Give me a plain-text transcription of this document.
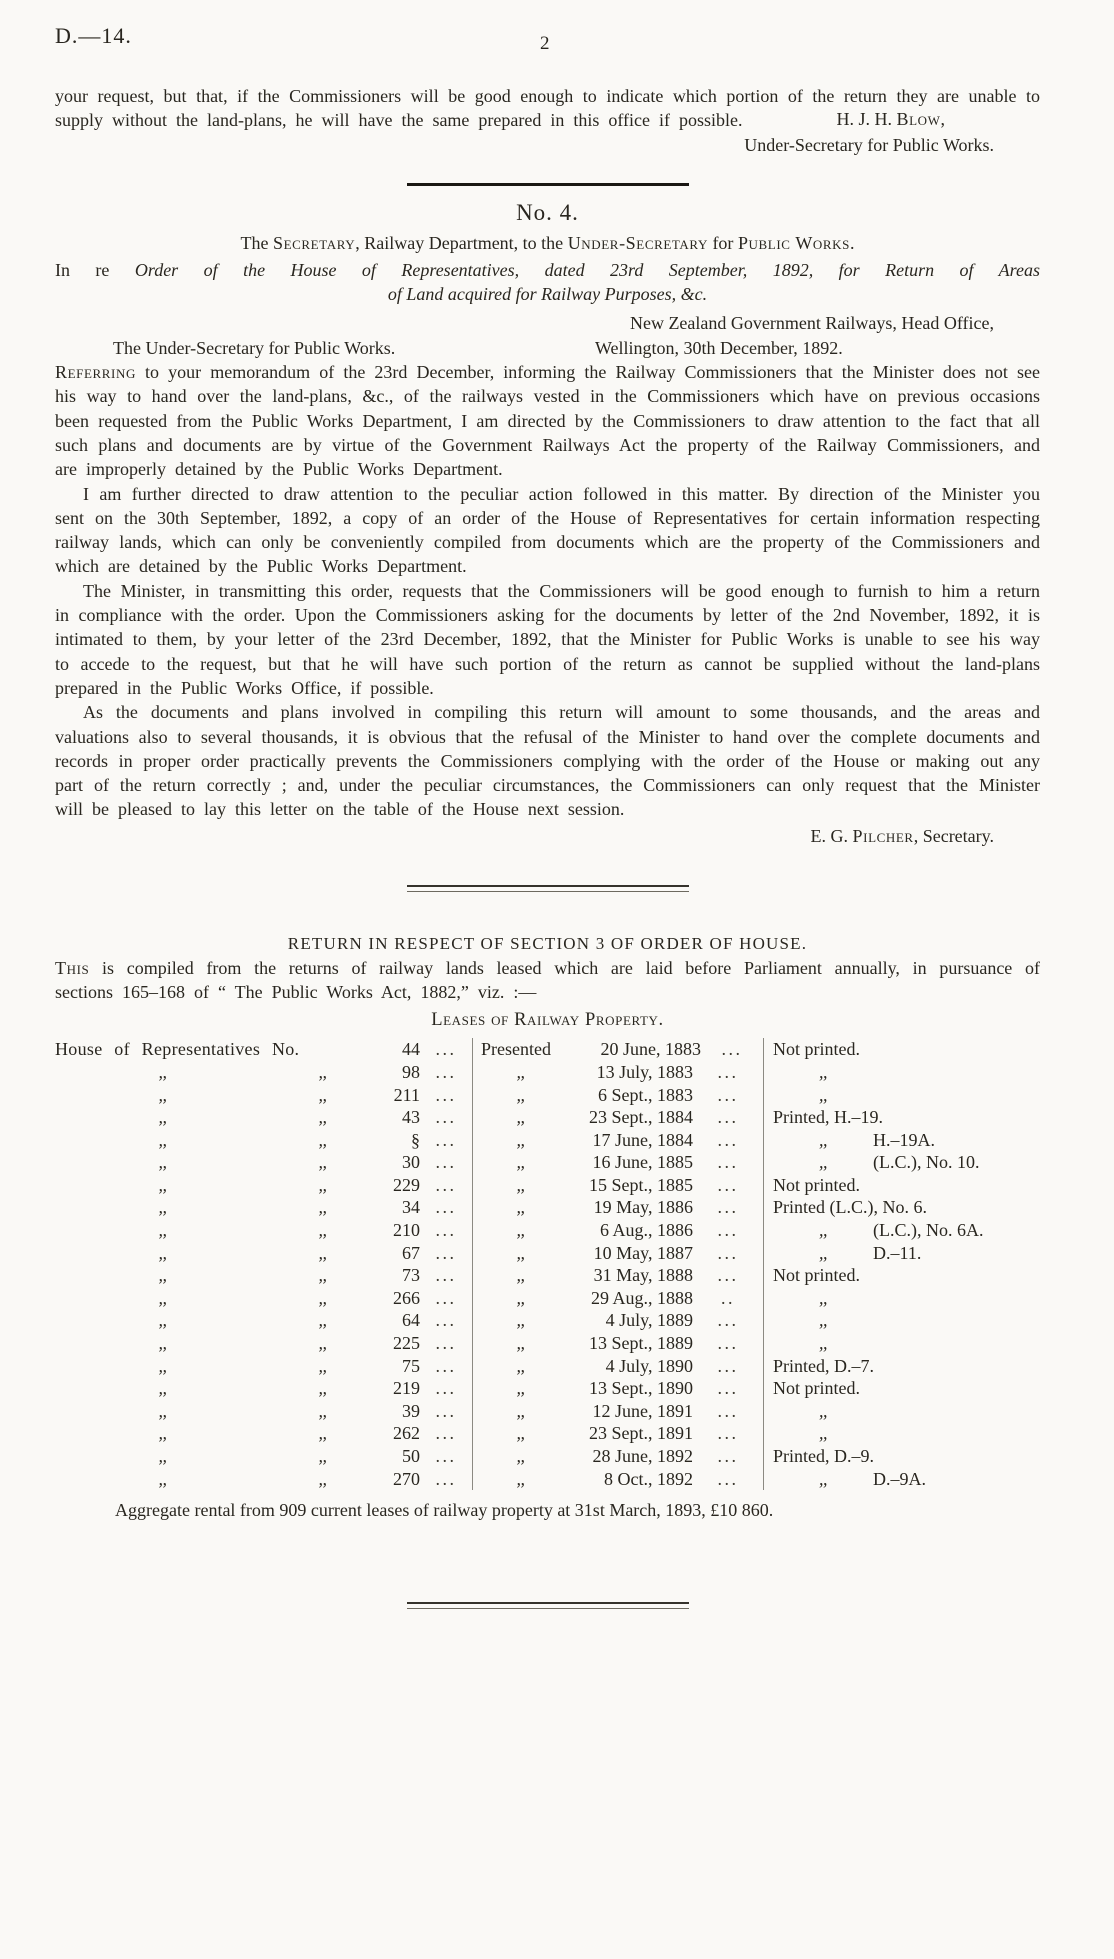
D.—14.	2

your request, but that, if the Commissioners will be good enough to indicate which portion of the return they are unable to supply without the land-plans, he will have the same prepared in this office if possible.	H. J. H. Blow,
Under-Secretary for Public Works.
No. 4.
The Secretary, Railway Department, to the Under-Secretary for Public Works.
In re Order of the House of Representatives, dated 23rd September, 1892, for Return of Areas
of Land acquired for Railway Purposes, &c.
New Zealand Government Railways, Head Office,
The Under-Secretary for Public Works.	Wellington, 30th December, 1892.

Referring to your memorandum of the 23rd December, informing the Railway Commissioners that the Minister does not see his way to hand over the land-plans, &c., of the railways vested in the Commissioners which have on previous occasions been requested from the Public Works Department, I am directed by the Commissioners to draw attention to the fact that all such plans and documents are by virtue of the Government Railways Act the property of the Railway Commissioners, and are improperly detained by the Public Works Department.

I am further directed to draw attention to the peculiar action followed in this matter. By direction of the Minister you sent on the 30th September, 1892, a copy of an order of the House of Representatives for certain information respecting railway lands, which can only be conveniently compiled from documents which are the property of the Commissioners and which are detained by the Public Works Department.

The Minister, in transmitting this order, requests that the Commissioners will be good enough to furnish to him a return in compliance with the order. Upon the Commissioners asking for the documents by letter of the 2nd November, 1892, it is intimated to them, by your letter of the 23rd December, 1892, that the Minister for Public Works is unable to see his way to accede to the request, but that he will have such portion of the return as cannot be supplied without the land-plans prepared in the Public Works Office, if possible.

As the documents and plans involved in compiling this return will amount to some thousands, and the areas and valuations also to several thousands, it is obvious that the refusal of the Minister to hand over the complete documents and records in proper order practically prevents the Commissioners complying with the order of the House or making out any part of the return correctly ; and, under the peculiar circumstances, the Commissioners can only request that the Minister will be pleased to lay this letter on the table of the House next session.

E. G. Pilcher, Secretary.
RETURN IN RESPECT OF SECTION 3 OF ORDER OF HOUSE.

This is compiled from the returns of railway lands leased which are laid before Parliament annually, in pursuance of sections 165–168 of “ The Public Works Act, 1882,” viz. :—

Leases of Railway Property.
House of Representatives No.	44 ...	Presented	20 June, 1883	...	Not printed.
,,	,,	98 ...	,,	13 July, 1883	...	,,
,,	,,	211 ...	,,	6 Sept., 1883	...	,,
,,	,,	43 ...	,,	23 Sept., 1884	...	Printed, H.–19.
,,	,,	§ ...	,,	17 June, 1884	...	,,	H.–19A.
,,	,,	30 ...	,,	16 June, 1885	...	,,	(L.C.), No. 10.
,,	,,	229 ...	,,	15 Sept., 1885	...	Not printed.
,,	,,	34 ...	,,	19 May, 1886	...	Printed (L.C.), No. 6.
,,	,,	210 ...	,,	6 Aug., 1886	...	,,	(L.C.), No. 6A.
,,	,,	67 ...	,,	10 May, 1887	...	,,	D.–11.
,,	,,	73 ...	,,	31 May, 1888	...	Not printed.
,,	,,	266 ...	,,	29 Aug., 1888	..	,,
,,	,,	64 ...	,,	4 July, 1889	...	,,
,,	,,	225 ...	,,	13 Sept., 1889	...	,,
,,	,,	75 ...	,,	4 July, 1890	...	Printed, D.–7.
,,	,,	219 ...	,,	13 Sept., 1890	...	Not printed.
,,	,,	39 ...	,,	12 June, 1891	...	,,
,,	,,	262 ...	,,	23 Sept., 1891	...	,,
,,	,,	50 ...	,,	28 June, 1892	...	Printed, D.–9.
,,	,,	270 ...	,,	8 Oct., 1892	...	,,	D.–9A.
Aggregate rental from 909 current leases of railway property at 31st March, 1893, £10 860.
